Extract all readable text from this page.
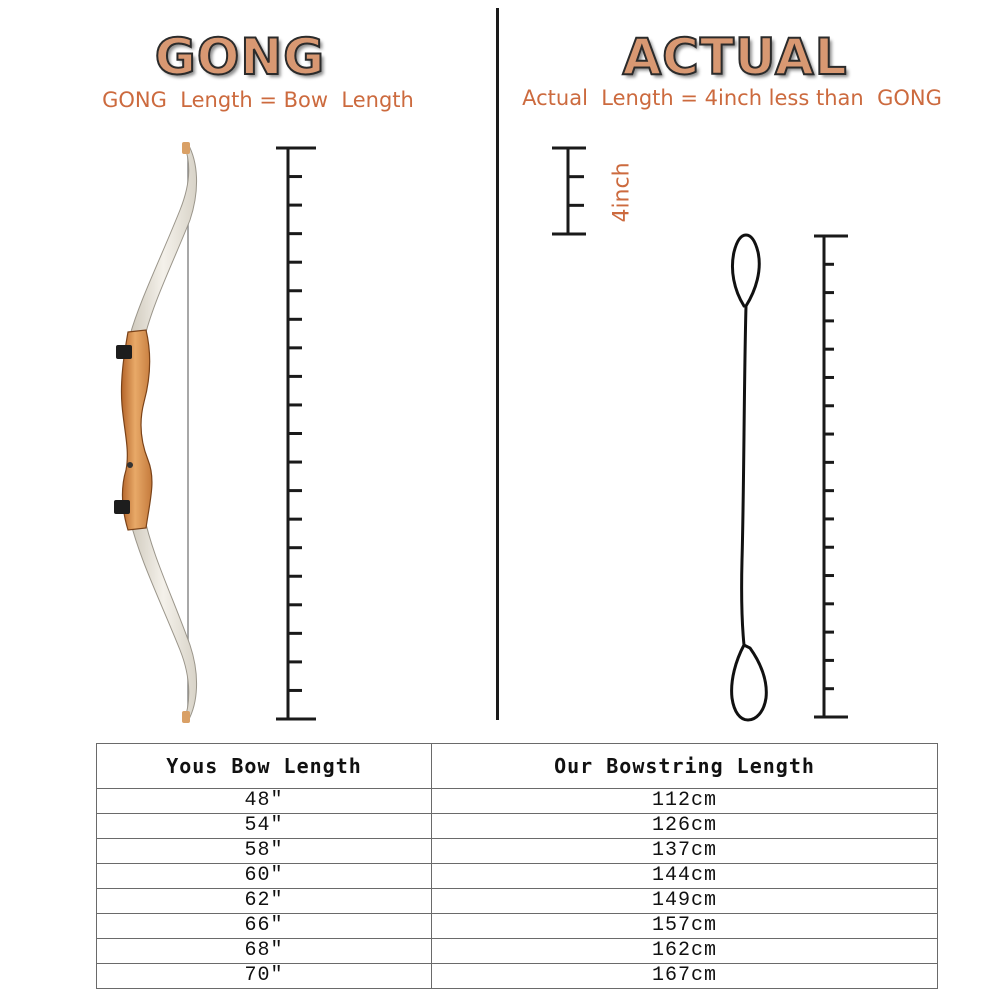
GONG
GONG  Length = Bow  Length
ACTUAL
Actual  Length = 4inch less than  GONG
4inch
Yous Bow Length	Our Bowstring Length
48″	112cm
54″	126cm
58″	137cm
60″	144cm
62″	149cm
66″	157cm
68″	162cm
70″	167cm
